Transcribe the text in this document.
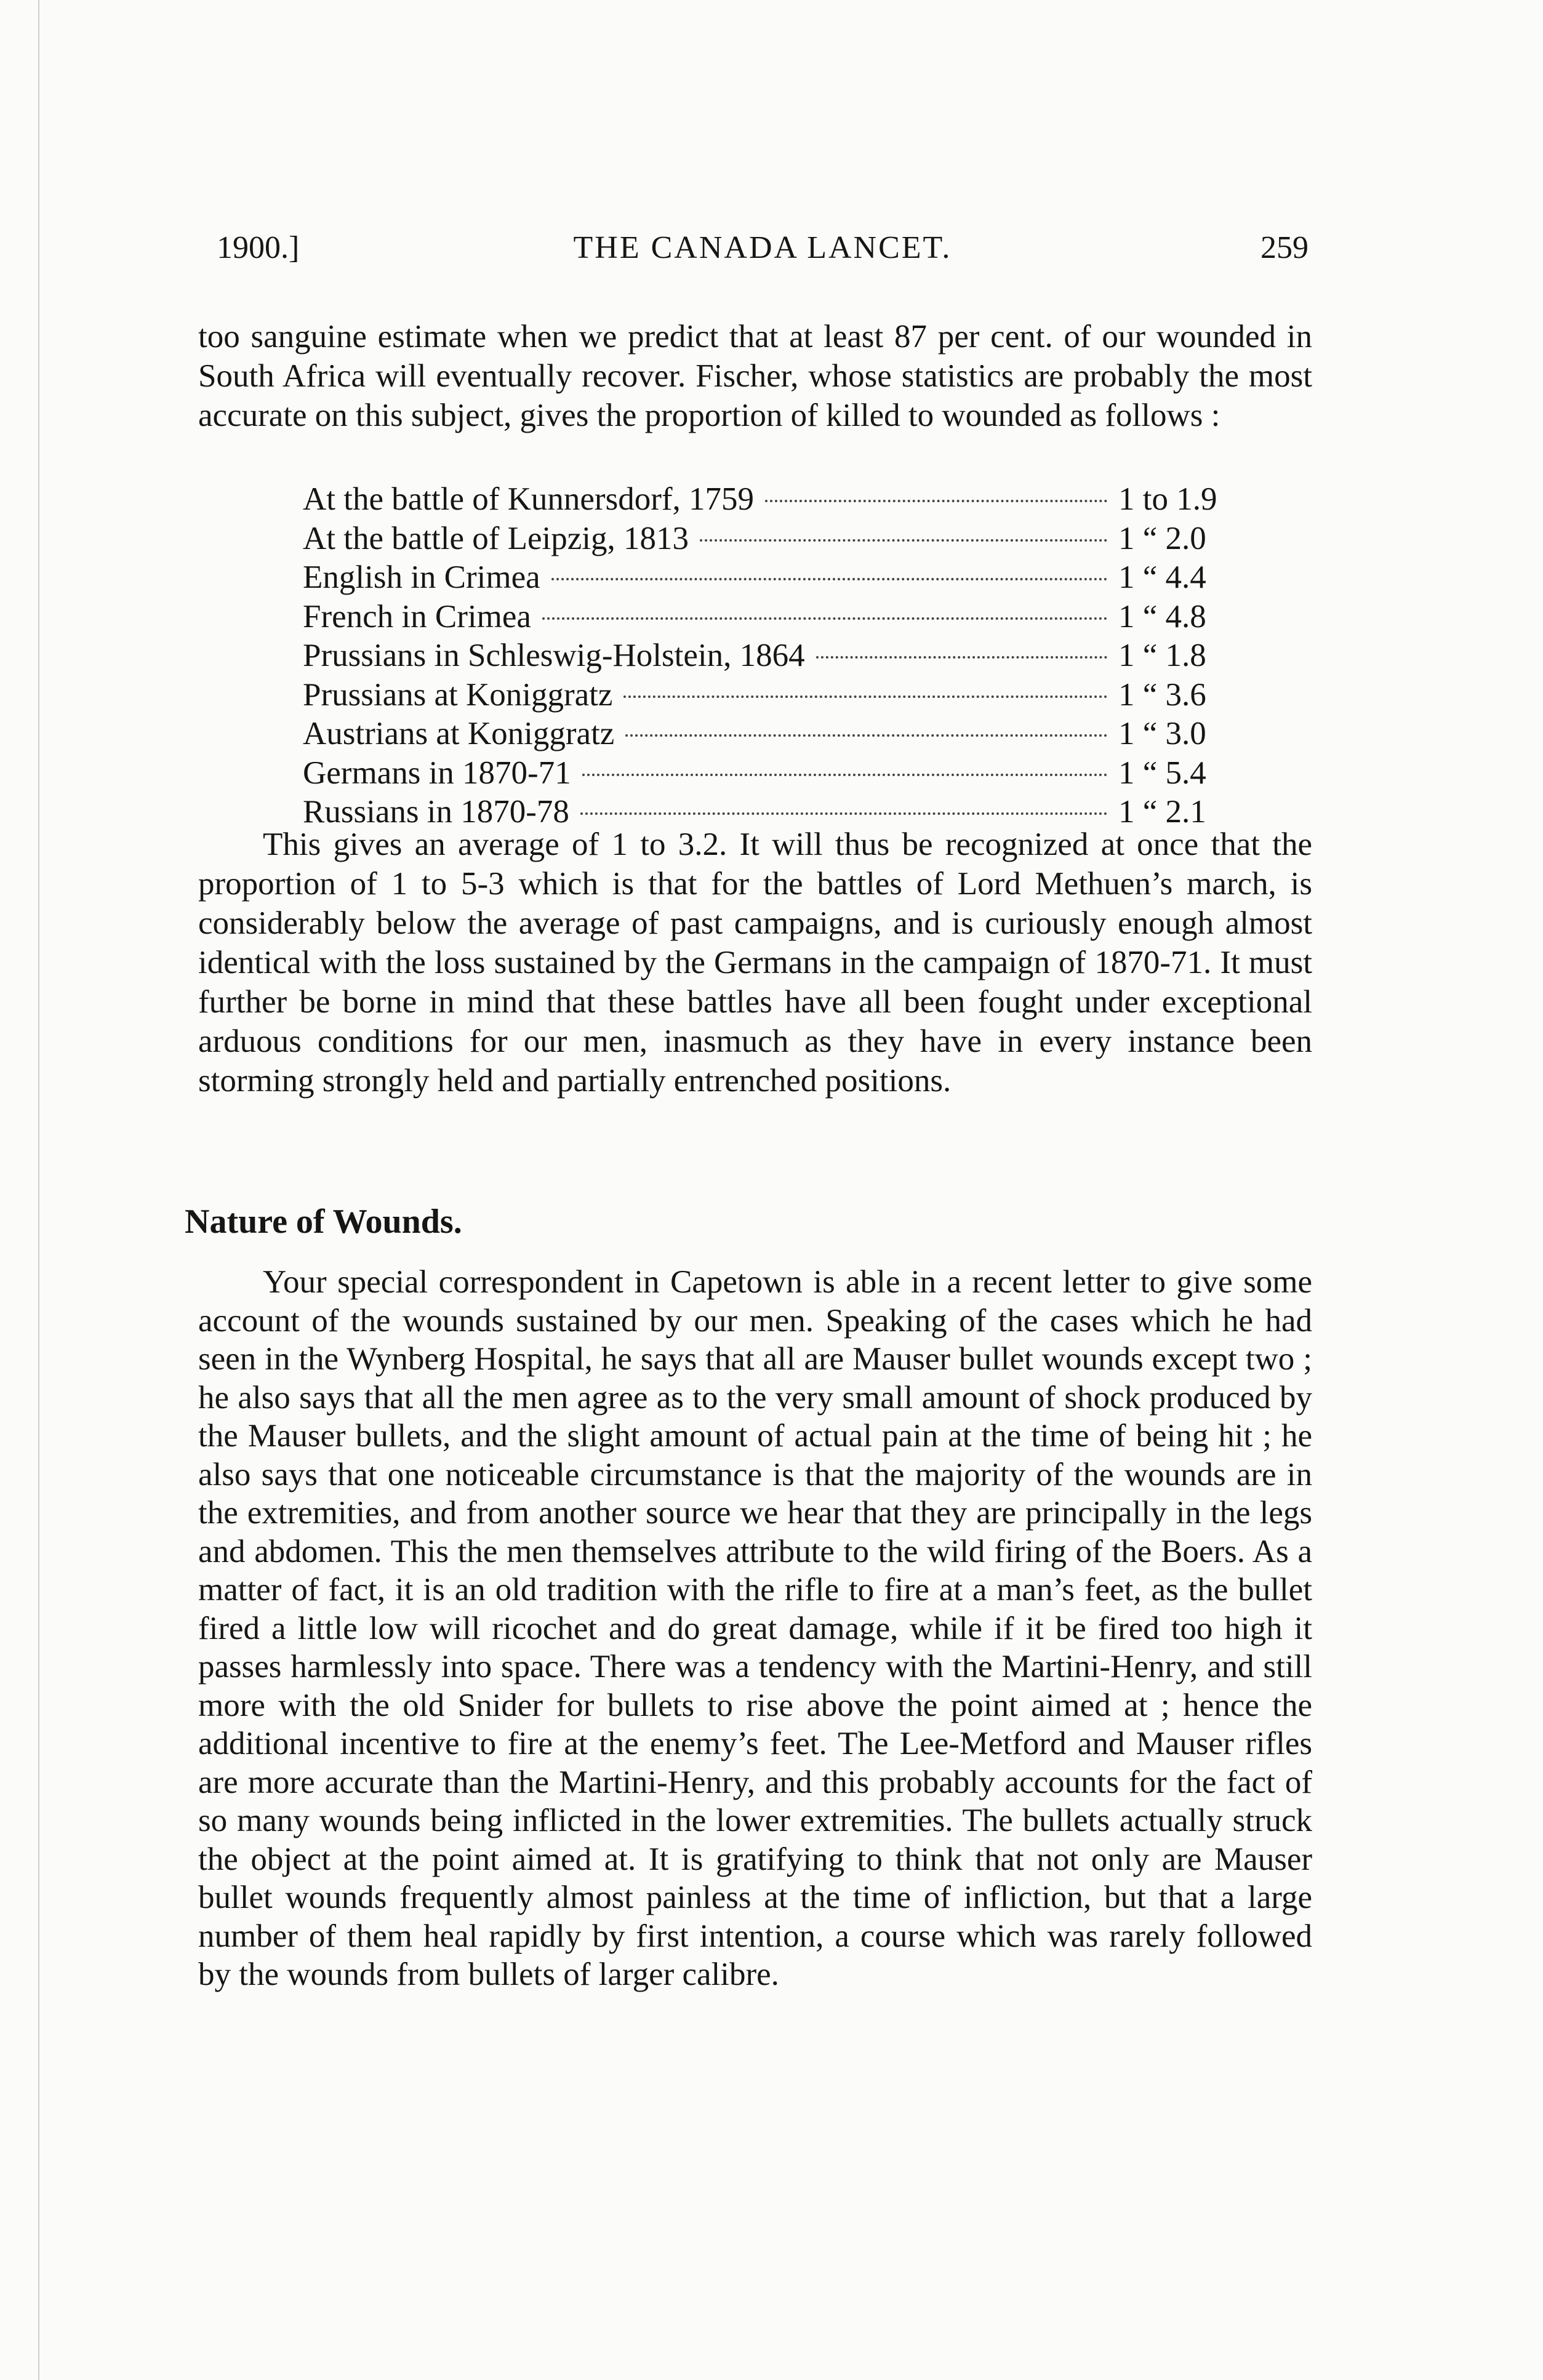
1900.]	THE CANADA LANCET.	259

too sanguine estimate when we predict that at least 87 per cent. of our wounded in South Africa will eventually recover. Fischer, whose statistics are probably the most accurate on this subject, gives the proportion of killed to wounded as follows :

At the battle of Kunnersdorf, 1759	1 to 1.9
At the battle of Leipzig, 1813	1 “ 2.0
English in Crimea	1 “ 4.4
French in Crimea	1 “ 4.8
Prussians in Schleswig-Holstein, 1864	1 “ 1.8
Prussians at Koniggratz	1 “ 3.6
Austrians at Koniggratz	1 “ 3.0
Germans in 1870-71	1 “ 5.4
Russians in 1870-78	1 “ 2.1

This gives an average of 1 to 3.2. It will thus be recognized at once that the proportion of 1 to 5-3 which is that for the battles of Lord Methuen’s march, is considerably below the average of past campaigns, and is curiously enough almost identical with the loss sustained by the Germans in the campaign of 1870-71. It must further be borne in mind that these battles have all been fought under exceptional arduous conditions for our men, inasmuch as they have in every instance been storming strongly held and partially entrenched positions.

Nature of Wounds.

Your special correspondent in Capetown is able in a recent letter to give some account of the wounds sustained by our men. Speaking of the cases which he had seen in the Wynberg Hospital, he says that all are Mauser bullet wounds except two ; he also says that all the men agree as to the very small amount of shock produced by the Mauser bullets, and the slight amount of actual pain at the time of being hit ; he also says that one noticeable circumstance is that the majority of the wounds are in the extremities, and from another source we hear that they are principally in the legs and abdomen. This the men themselves attribute to the wild firing of the Boers. As a matter of fact, it is an old tradition with the rifle to fire at a man’s feet, as the bullet fired a little low will ricochet and do great damage, while if it be fired too high it passes harmlessly into space. There was a tendency with the Martini-Henry, and still more with the old Snider for bullets to rise above the point aimed at ; hence the additional incentive to fire at the enemy’s feet. The Lee-Metford and Mauser rifles are more accurate than the Martini-Henry, and this probably accounts for the fact of so many wounds being inflicted in the lower extremities. The bullets actually struck the object at the point aimed at. It is gratifying to think that not only are Mauser bullet wounds frequently almost painless at the time of infliction, but that a large number of them heal rapidly by first intention, a course which was rarely followed by the wounds from bullets of larger calibre.
